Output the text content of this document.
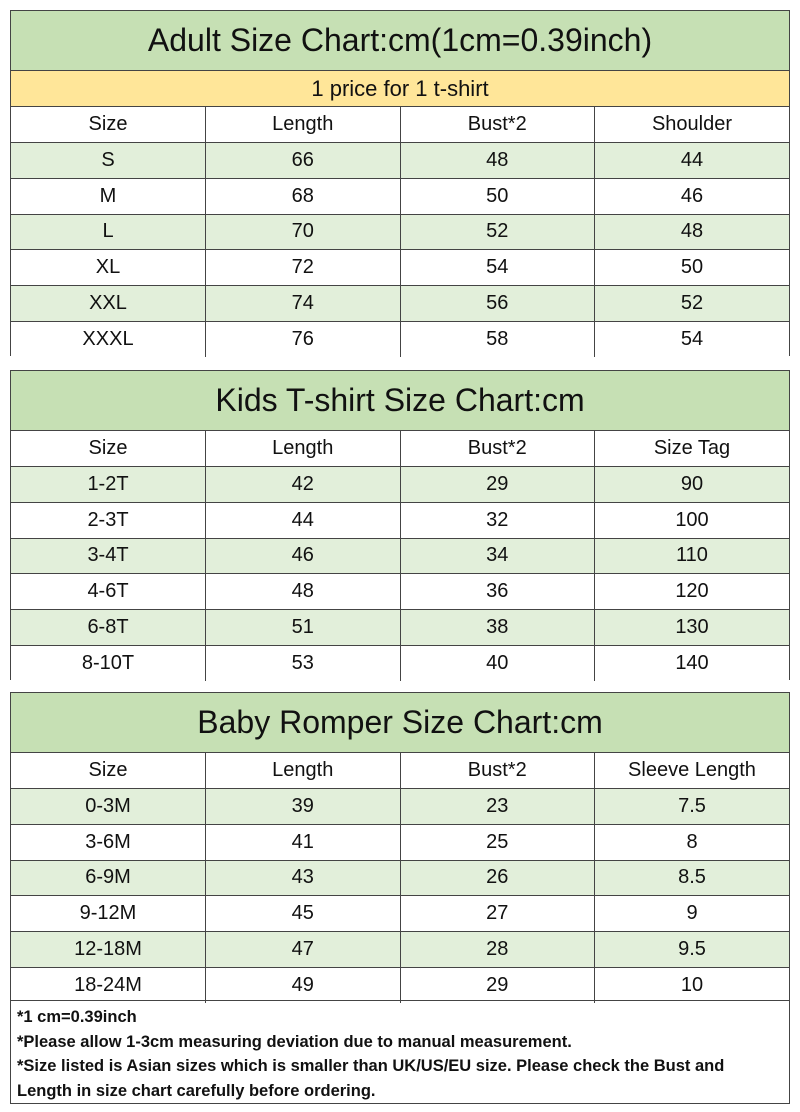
Adult Size Chart:cm(1cm=0.39inch)
1 price for 1 t-shirt
Size	Length	Bust*2	Shoulder
S	66	48	44
M	68	50	46
L	70	52	48
XL	72	54	50
XXL	74	56	52
XXXL	76	58	54
Kids T-shirt Size Chart:cm
Size	Length	Bust*2	Size Tag
1-2T	42	29	90
2-3T	44	32	100
3-4T	46	34	110
4-6T	48	36	120
6-8T	51	38	130
8-10T	53	40	140
Baby Romper Size Chart:cm
Size	Length	Bust*2	Sleeve Length
0-3M	39	23	7.5
3-6M	41	25	8
6-9M	43	26	8.5
9-12M	45	27	9
12-18M	47	28	9.5
18-24M	49	29	10
*1 cm=0.39inch
*Please allow 1-3cm measuring deviation due to manual measurement.
*Size listed is Asian sizes which is smaller than UK/US/EU size. Please check the Bust and Length in size chart carefully before ordering.
